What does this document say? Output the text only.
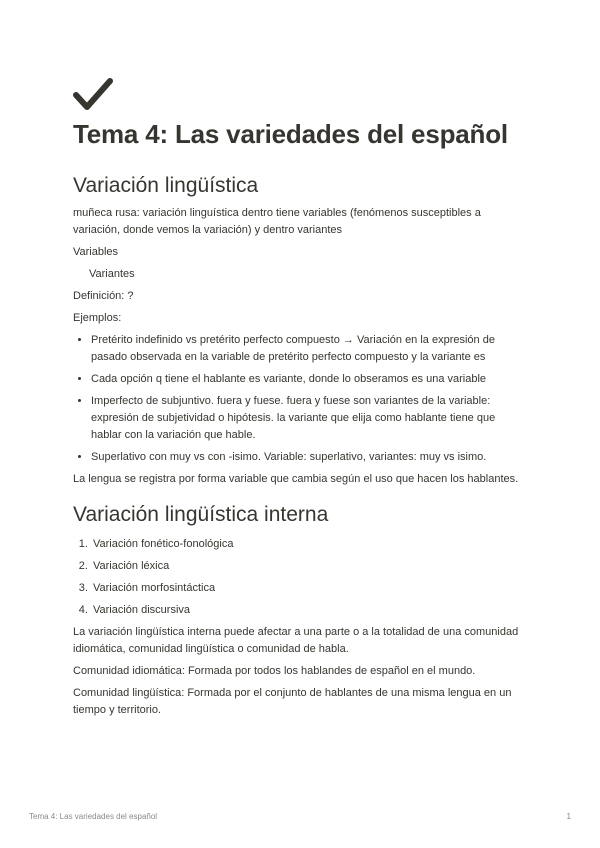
Tema 4: Las variedades del español
Variación lingüística

muñeca rusa: variación linguística dentro tiene variables (fenómenos susceptibles a variación, donde vemos la variación) y dentro variantes

Variables

Variantes

Definición: ?

Ejemplos:

• Pretérito indefinido vs pretérito perfecto compuesto → Variación en la expresión de pasado observada en la variable de pretérito perfecto compuesto y la variante es
• Cada opción q tiene el hablante es variante, donde lo obseramos es una variable
• Imperfecto de subjuntivo. fuera y fuese. fuera y fuese son variantes de la variable: expresión de subjetividad o hipótesis. la variante que elija como hablante tiene que hablar con la variación que hable.
• Superlativo con muy vs con -isimo. Variable: superlativo, variantes: muy vs isimo.

La lengua se registra por forma variable que cambia según el uso que hacen los hablantes.

Variación lingüística interna
1. Variación fonético-fonológica
2. Variación léxica
3. Variación morfosintáctica
4. Variación discursiva

La variación lingüística interna puede afectar a una parte o a la totalidad de una comunidad idiomática, comunidad lingüística o comunidad de habla.

Comunidad idiomática: Formada por todos los hablandes de español en el mundo.

Comunidad lingüística: Formada por el conjunto de hablantes de una misma lengua en un tiempo y territorio.

Tema 4: Las variedades del español	1
